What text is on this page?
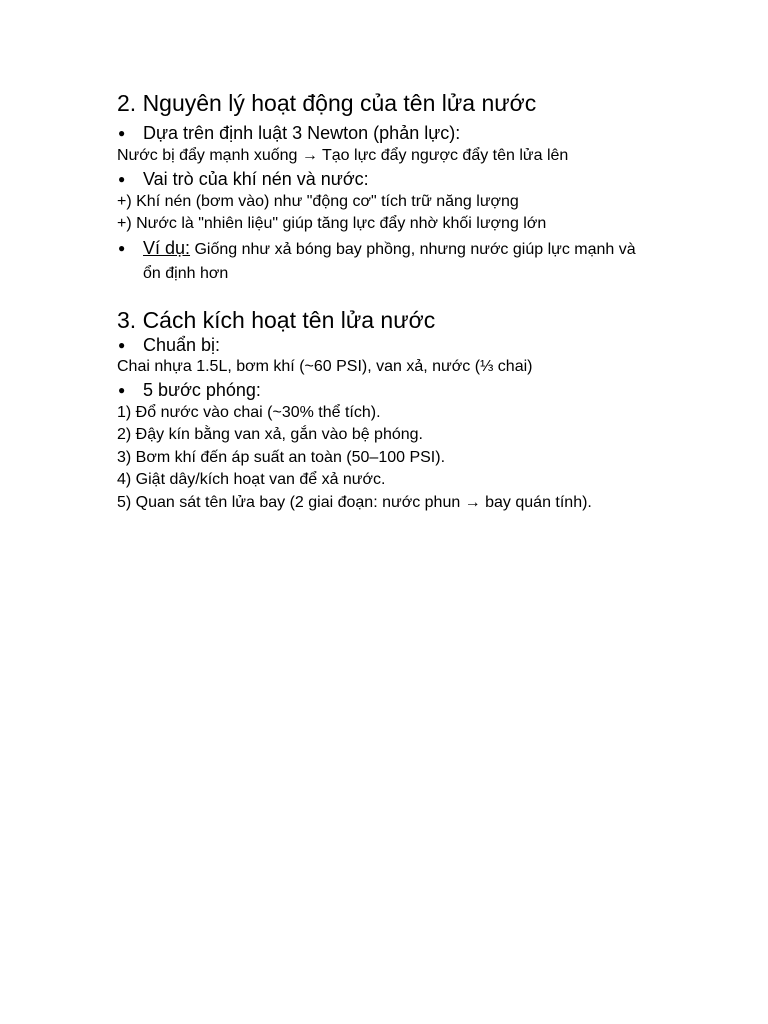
2. Nguyên lý hoạt động của tên lửa nước
● Dựa trên định luật 3 Newton (phản lực):
Nước bị đẩy mạnh xuống → Tạo lực đẩy ngược đẩy tên lửa lên
● Vai trò của khí nén và nước:
+) Khí nén (bơm vào) như "động cơ" tích trữ năng lượng
+) Nước là "nhiên liệu" giúp tăng lực đẩy nhờ khối lượng lớn
● Ví dụ: Giống như xả bóng bay phồng, nhưng nước giúp lực mạnh và ổn định hơn
3. Cách kích hoạt tên lửa nước
● Chuẩn bị:
Chai nhựa 1.5L, bơm khí (~60 PSI), van xả, nước (⅓ chai)
● 5 bước phóng:
1) Đổ nước vào chai (~30% thể tích).
2) Đậy kín bằng van xả, gắn vào bệ phóng.
3) Bơm khí đến áp suất an toàn (50–100 PSI).
4) Giật dây/kích hoạt van để xả nước.
5) Quan sát tên lửa bay (2 giai đoạn: nước phun → bay quán tính).
